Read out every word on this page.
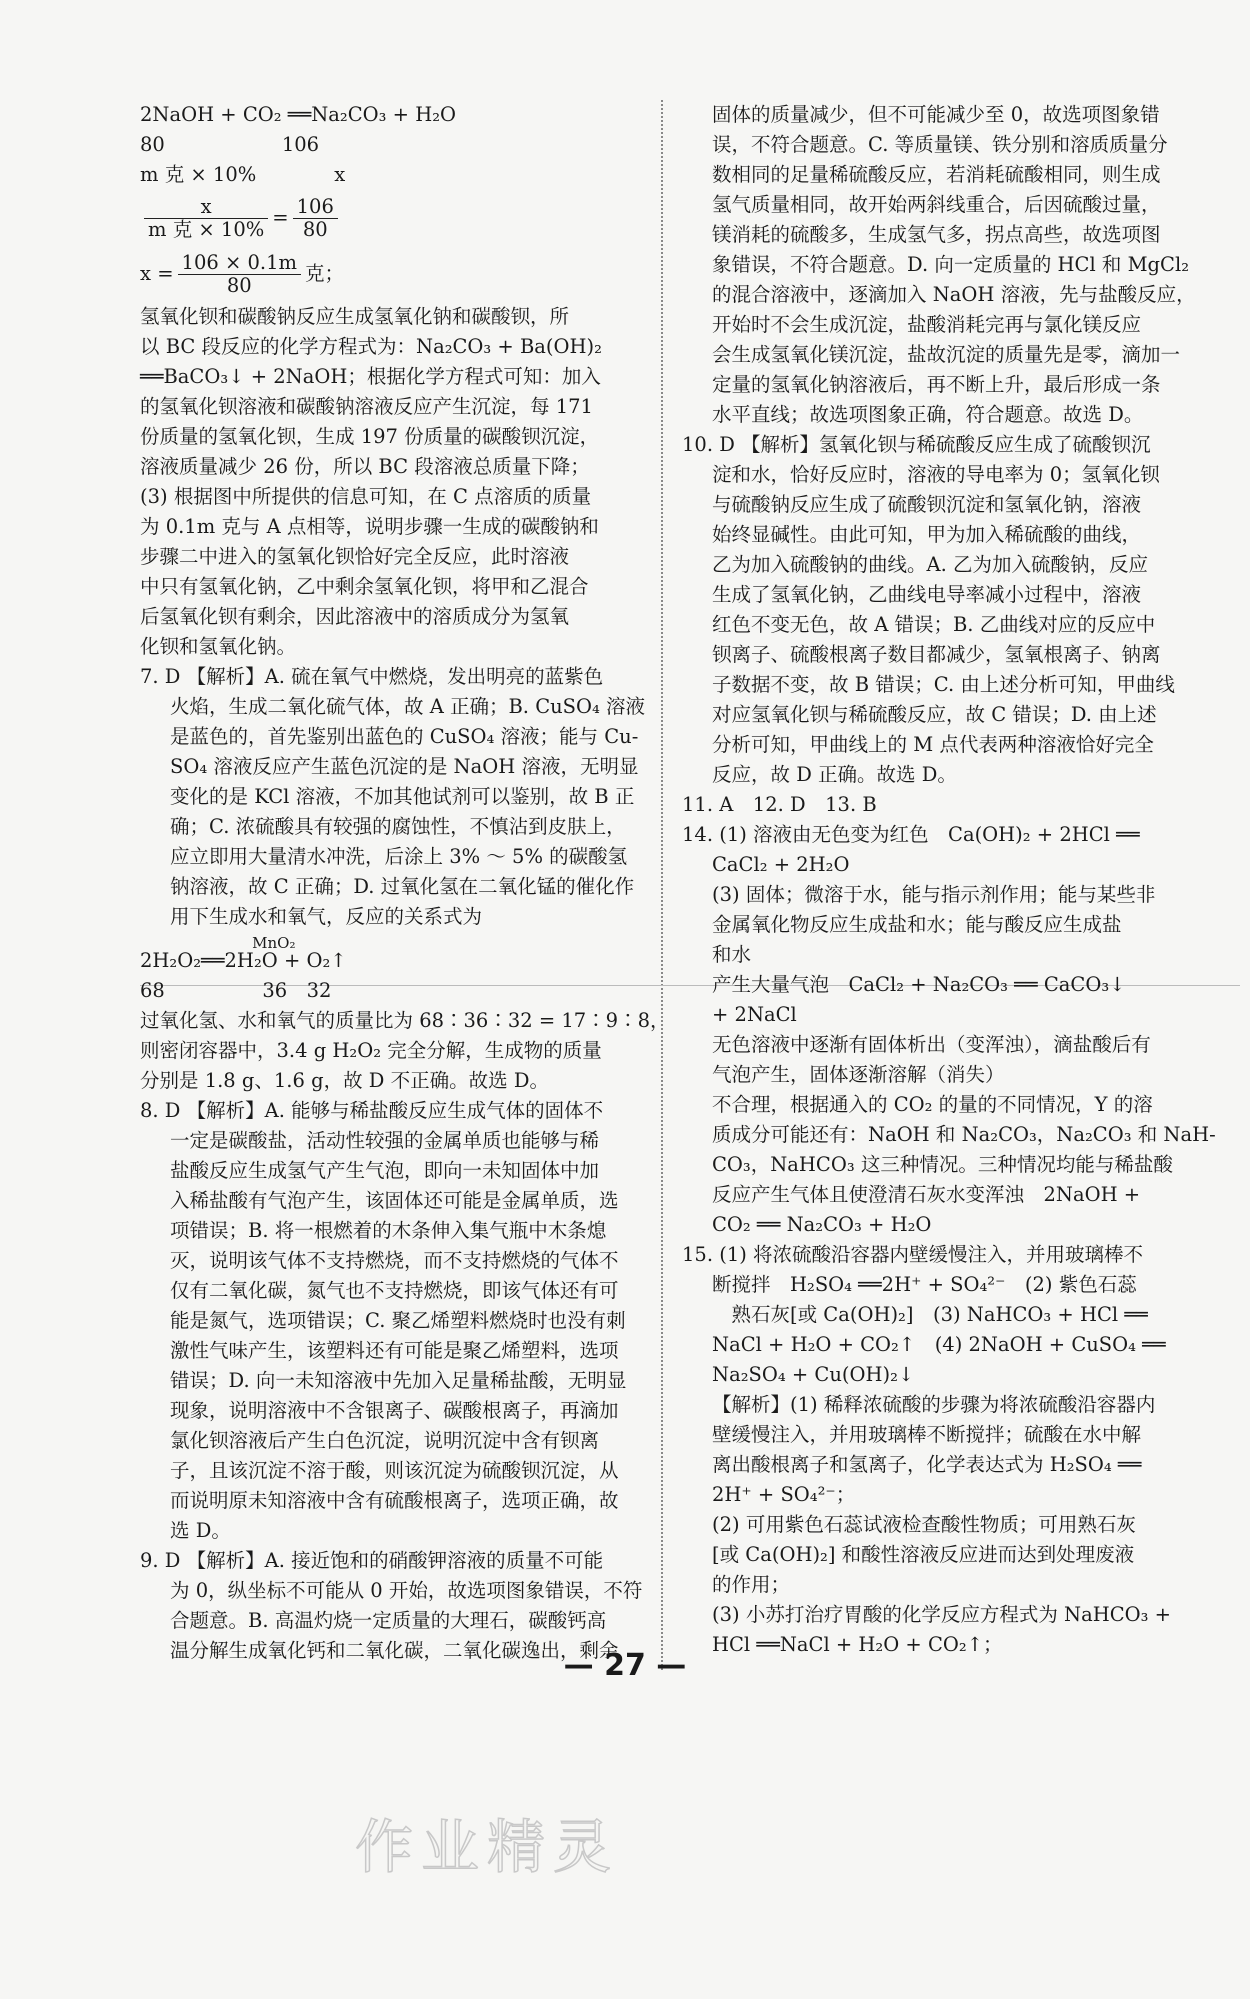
2NaOH + CO₂ ══Na₂CO₃ + H₂O
80　　　　　　106
m 克 × 10%　　　　x
$\frac{x}{\text{m 克 × 10\%}} = \frac{106}{80}$
$x = \frac{106 \times 0.1m}{80}$ 克；
氢氧化钡和碳酸钠反应生成氢氧化钠和碳酸钡，所
以 BC 段反应的化学方程式为：Na₂CO₃ + Ba(OH)₂
══BaCO₃↓ + 2NaOH；根据化学方程式可知：加入
的氢氧化钡溶液和碳酸钠溶液反应产生沉淀，每 171
份质量的氢氧化钡，生成 197 份质量的碳酸钡沉淀，
溶液质量减少 26 份，所以 BC 段溶液总质量下降；
(3) 根据图中所提供的信息可知，在 C 点溶质的质量
为 0.1m 克与 A 点相等，说明步骤一生成的碳酸钠和
步骤二中进入的氢氧化钡恰好完全反应，此时溶液
中只有氢氧化钠，乙中剩余氢氧化钡，将甲和乙混合
后氢氧化钡有剩余，因此溶液中的溶质成分为氢氧
化钡和氢氧化钠。
7. D 【解析】A. 硫在氧气中燃烧，发出明亮的蓝紫色
火焰，生成二氧化硫气体，故 A 正确；B. CuSO₄ 溶液
是蓝色的，首先鉴别出蓝色的 CuSO₄ 溶液；能与 Cu-
SO₄ 溶液反应产生蓝色沉淀的是 NaOH 溶液，无明显
变化的是 KCl 溶液，不加其他试剂可以鉴别，故 B 正
确；C. 浓硫酸具有较强的腐蚀性，不慎沾到皮肤上，
应立即用大量清水冲洗，后涂上 3% ～ 5% 的碳酸氢
钠溶液，故 C 正确；D. 过氧化氢在二氧化锰的催化作
用下生成水和氧气，反应的关系式为
2H₂O₂
MnO₂
══2H₂O + O₂↑
68　　　　　36　32
过氧化氢、水和氧气的质量比为 68∶36∶32 = 17∶9∶8，
则密闭容器中，3.4 g H₂O₂ 完全分解，生成物的质量
分别是 1.8 g、1.6 g，故 D 不正确。故选 D。
8. D 【解析】A. 能够与稀盐酸反应生成气体的固体不
一定是碳酸盐，活动性较强的金属单质也能够与稀
盐酸反应生成氢气产生气泡，即向一未知固体中加
入稀盐酸有气泡产生，该固体还可能是金属单质，选
项错误；B. 将一根燃着的木条伸入集气瓶中木条熄
灭，说明该气体不支持燃烧，而不支持燃烧的气体不
仅有二氧化碳，氮气也不支持燃烧，即该气体还有可
能是氮气，选项错误；C. 聚乙烯塑料燃烧时也没有刺
激性气味产生，该塑料还有可能是聚乙烯塑料，选项
错误；D. 向一未知溶液中先加入足量稀盐酸，无明显
现象，说明溶液中不含银离子、碳酸根离子，再滴加
氯化钡溶液后产生白色沉淀，说明沉淀中含有钡离
子，且该沉淀不溶于酸，则该沉淀为硫酸钡沉淀，从
而说明原未知溶液中含有硫酸根离子，选项正确，故
选 D。
9. D 【解析】A. 接近饱和的硝酸钾溶液的质量不可能
为 0，纵坐标不可能从 0 开始，故选项图象错误，不符
合题意。B. 高温灼烧一定质量的大理石，碳酸钙高
温分解生成氧化钙和二氧化碳，二氧化碳逸出，剩余
固体的质量减少，但不可能减少至 0，故选项图象错
误，不符合题意。C. 等质量镁、铁分别和溶质质量分
数相同的足量稀硫酸反应，若消耗硫酸相同，则生成
氢气质量相同，故开始两斜线重合，后因硫酸过量，
镁消耗的硫酸多，生成氢气多，拐点高些，故选项图
象错误，不符合题意。D. 向一定质量的 HCl 和 MgCl₂
的混合溶液中，逐滴加入 NaOH 溶液，先与盐酸反应，
开始时不会生成沉淀，盐酸消耗完再与氯化镁反应
会生成氢氧化镁沉淀，盐故沉淀的质量先是零，滴加一
定量的氢氧化钠溶液后，再不断上升，最后形成一条
水平直线；故选项图象正确，符合题意。故选 D。
10. D 【解析】氢氧化钡与稀硫酸反应生成了硫酸钡沉
淀和水，恰好反应时，溶液的导电率为 0；氢氧化钡
与硫酸钠反应生成了硫酸钡沉淀和氢氧化钠，溶液
始终显碱性。由此可知，甲为加入稀硫酸的曲线，
乙为加入硫酸钠的曲线。A. 乙为加入硫酸钠，反应
生成了氢氧化钠，乙曲线电导率减小过程中，溶液
红色不变无色，故 A 错误；B. 乙曲线对应的反应中
钡离子、硫酸根离子数目都减少，氢氧根离子、钠离
子数据不变，故 B 错误；C. 由上述分析可知，甲曲线
对应氢氧化钡与稀硫酸反应，故 C 错误；D. 由上述
分析可知，甲曲线上的 M 点代表两种溶液恰好完全
反应，故 D 正确。故选 D。
11. A　12. D　13. B
14. (1) 溶液由无色变为红色　Ca(OH)₂ + 2HCl ══
CaCl₂ + 2H₂O
(3) 固体；微溶于水，能与指示剂作用；能与某些非
金属氧化物反应生成盐和水；能与酸反应生成盐
和水
产生大量气泡　CaCl₂ + Na₂CO₃ ══ CaCO₃↓
+ 2NaCl
无色溶液中逐渐有固体析出（变浑浊），滴盐酸后有
气泡产生，固体逐渐溶解（消失）
不合理，根据通入的 CO₂ 的量的不同情况，Y 的溶
质成分可能还有：NaOH 和 Na₂CO₃，Na₂CO₃ 和 NaH-
CO₃，NaHCO₃ 这三种情况。三种情况均能与稀盐酸
反应产生气体且使澄清石灰水变浑浊　2NaOH +
CO₂ ══ Na₂CO₃ + H₂O
15. (1) 将浓硫酸沿容器内壁缓慢注入，并用玻璃棒不
断搅拌　H₂SO₄ ══2H⁺ + SO₄²⁻　(2) 紫色石蕊
　熟石灰[或 Ca(OH)₂]　(3) NaHCO₃ + HCl ══
NaCl + H₂O + CO₂↑　(4) 2NaOH + CuSO₄ ══
Na₂SO₄ + Cu(OH)₂↓
【解析】(1) 稀释浓硫酸的步骤为将浓硫酸沿容器内
壁缓慢注入，并用玻璃棒不断搅拌；硫酸在水中解
离出酸根离子和氢离子，化学表达式为 H₂SO₄ ══
2H⁺ + SO₄²⁻；
(2) 可用紫色石蕊试液检查酸性物质；可用熟石灰
[或 Ca(OH)₂] 和酸性溶液反应进而达到处理废液
的作用；
(3) 小苏打治疗胃酸的化学反应方程式为 NaHCO₃ +
HCl ══NaCl + H₂O + CO₂↑；
— 27 —
作业精灵
